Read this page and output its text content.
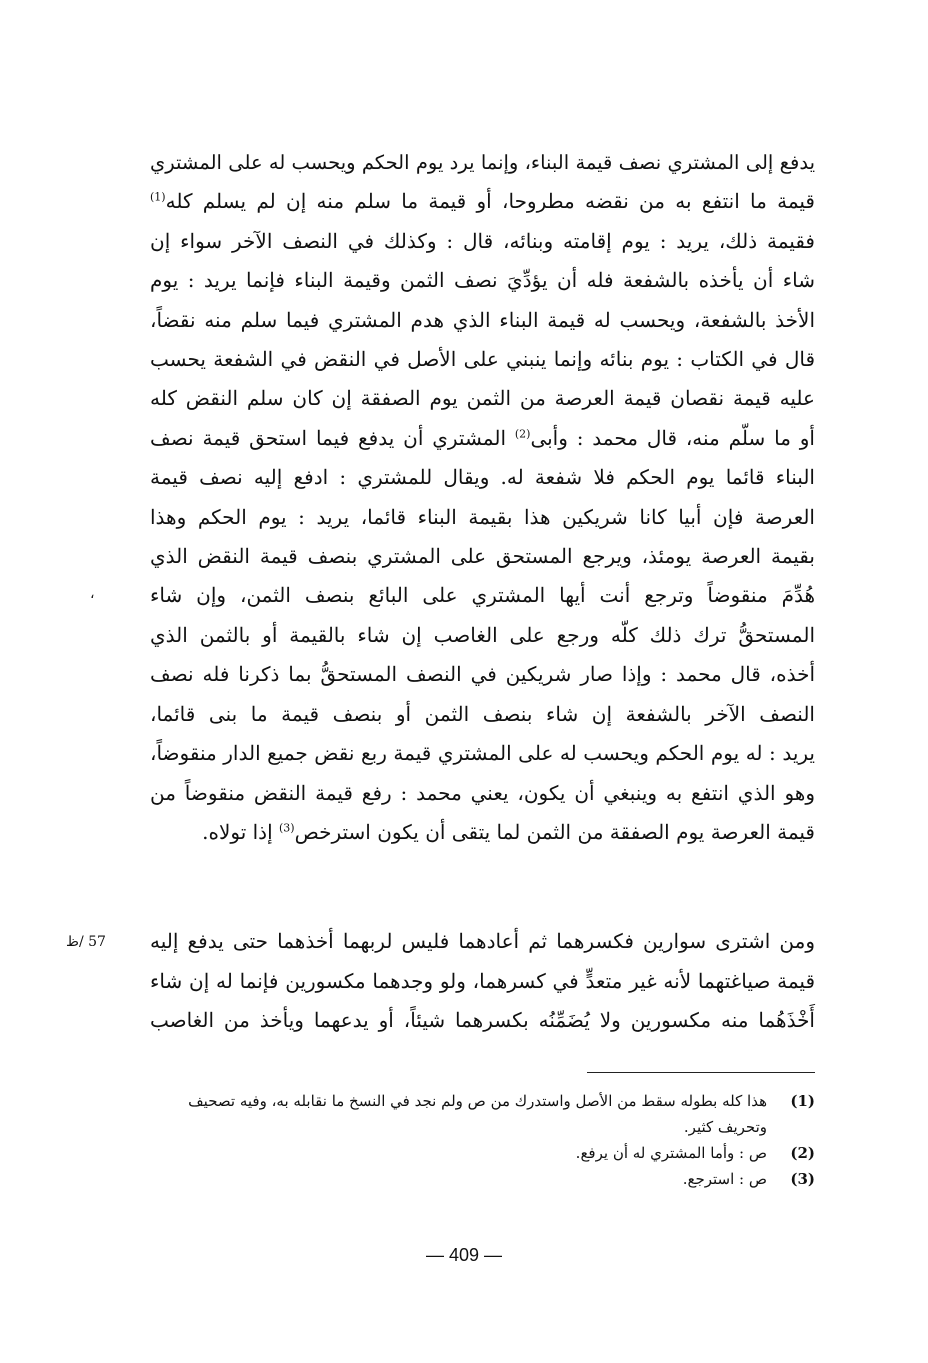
يدفع إلى المشتري نصف قيمة البناء، وإنما يرد يوم الحكم ويحسب له على المشتري
قيمة ما انتفع به من نقضه مطروحا، أو قيمة ما سلم منه إن لم يسلم كله$^{(1)}$
فقيمة ذلك، يريد : يوم إقامته وبنائه، قال : وكذلك في النصف الآخر سواء إن
شاء أن يأخذه بالشفعة فله أن يؤدِّيَ نصف الثمن وقيمة البناء فإنما يريد : يوم
الأخذ بالشفعة، ويحسب له قيمة البناء الذي هدم المشتري فيما سلم منه نقضاً،
قال في الكتاب : يوم بنائه وإنما ينبني على الأصل في النقض في الشفعة يحسب
عليه قيمة نقصان قيمة العرصة من الثمن يوم الصفقة إن كان سلم النقض كله
أو ما سلّم منه، قال محمد : وأبى$^{(2)}$ المشتري أن يدفع فيما استحق قيمة نصف
البناء قائما يوم الحكم فلا شفعة له. ويقال للمشتري : ادفع إليه نصف قيمة
العرصة فإن أبيا كانا شريكين هذا بقيمة البناء قائما، يريد : يوم الحكم وهذا
بقيمة العرصة يومئذ، ويرجع المستحق على المشتري بنصف قيمة النقض الذي
هُدِّمَ منقوضاً وترجع أنت أيها المشتري على البائع بنصف الثمن، وإن شاء
المستحقُّ ترك ذلك كلّه ورجع على الغاصب إن شاء بالقيمة أو بالثمن الذي
أخذه، قال محمد : وإذا صار شريكين في النصف المستحقُّ بما ذكرنا فله نصف
النصف الآخر بالشفعة إن شاء بنصف الثمن أو بنصف قيمة ما بنى قائما،
يريد : له يوم الحكم ويحسب له على المشتري قيمة ربع نقض جميع الدار منقوضاً،
وهو الذي انتفع به وينبغي أن يكون، يعني محمد : رفع قيمة النقض منقوضاً من
قيمة العرصة يوم الصفقة من الثمن لما يتقى أن يكون استرخص$^{(3)}$ إذا تولاه.
،
ومن اشترى سوارين فكسرهما ثم أعادهما فليس لربهما أخذهما حتى يدفع إليه
قيمة صياغتهما لأنه غير متعدٍّ في كسرهما، ولو وجدهما مكسورين فإنما له إن شاء
أَخْذَهُما منه مكسورين ولا يُضَمِّنُه بكسرهما شيئاً، أو يدعهما ويأخذ من الغاصب
57 /ظ
(1)
هذا كله بطوله سقط من الأصل واستدرك من ص ولم نجد في النسخ ما نقابله به، وفيه تصحيف وتحريف كثير.
(2)
ص : وأما المشتري له أن يرفع.
(3)
ص : استرجع.
— 409 —
